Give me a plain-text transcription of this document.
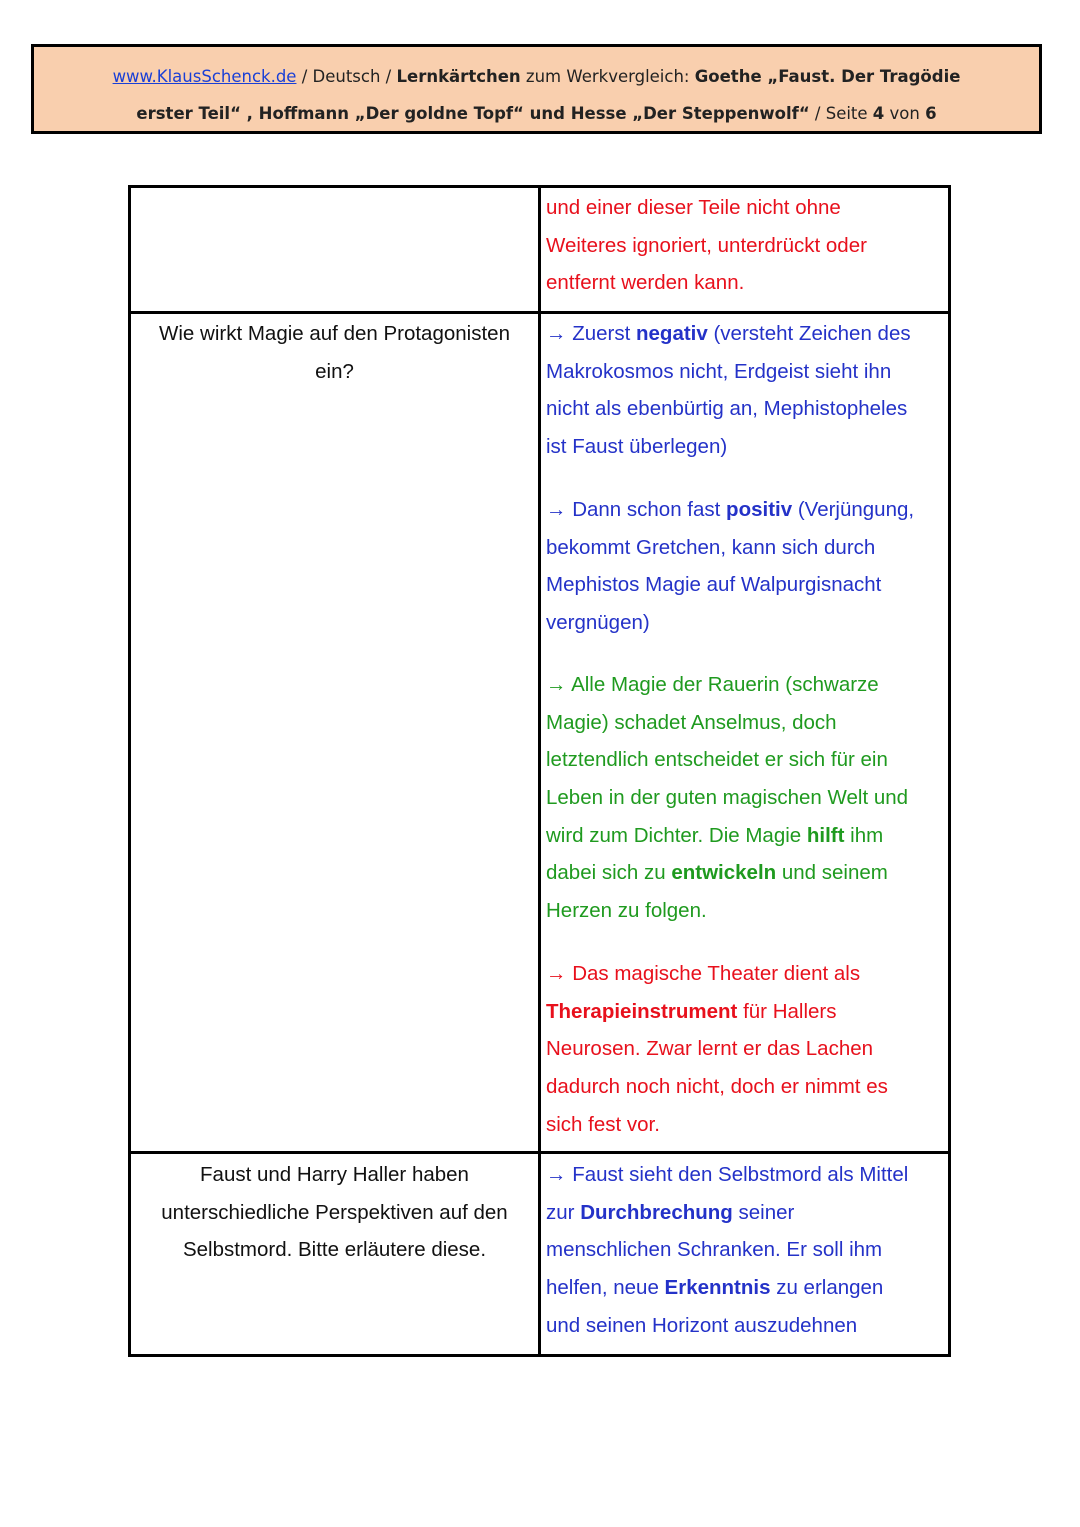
www.KlausSchenck.de / Deutsch / Lernkärtchen zum Werkvergleich: Goethe „Faust. Der Tragödie
erster Teil“ , Hoffmann „Der goldne Topf“ und Hesse „Der Steppenwolf“ / Seite 4 von 6
und einer dieser Teile nicht ohne
Weiteres ignoriert, unterdrückt oder
entfernt werden kann.
Wie wirkt Magie auf den Protagonisten
ein?
→ Zuerst negativ (versteht Zeichen des
Makrokosmos nicht, Erdgeist sieht ihn
nicht als ebenbürtig an, Mephistopheles
ist Faust überlegen)
→ Dann schon fast positiv (Verjüngung,
bekommt Gretchen, kann sich durch
Mephistos Magie auf Walpurgisnacht
vergnügen)
→ Alle Magie der Rauerin (schwarze
Magie) schadet Anselmus, doch
letztendlich entscheidet er sich für ein
Leben in der guten magischen Welt und
wird zum Dichter. Die Magie hilft ihm
dabei sich zu entwickeln und seinem
Herzen zu folgen.
→ Das magische Theater dient als
Therapieinstrument für Hallers
Neurosen. Zwar lernt er das Lachen
dadurch noch nicht, doch er nimmt es
sich fest vor.
Faust und Harry Haller haben
unterschiedliche Perspektiven auf den
Selbstmord. Bitte erläutere diese.
→ Faust sieht den Selbstmord als Mittel
zur Durchbrechung seiner
menschlichen Schranken. Er soll ihm
helfen, neue Erkenntnis zu erlangen
und seinen Horizont auszudehnen
